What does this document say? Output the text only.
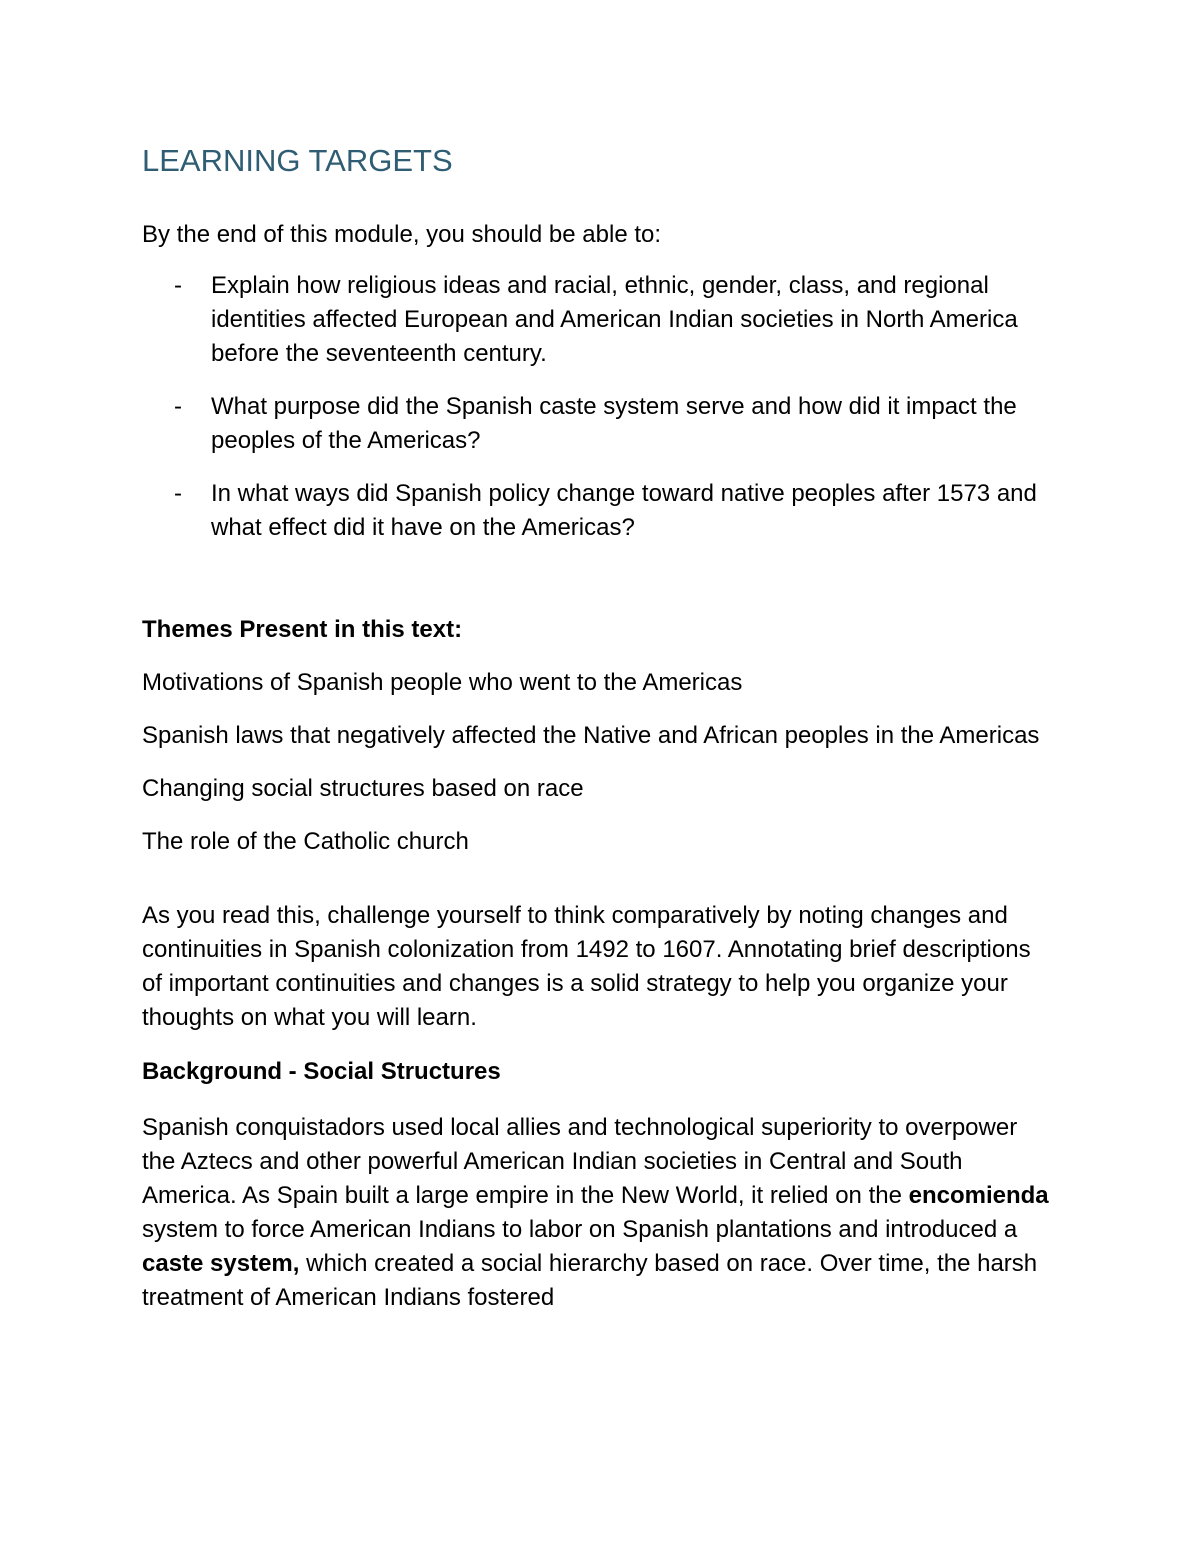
LEARNING TARGETS

By the end of this module, you should be able to:

- Explain how religious ideas and racial, ethnic, gender, class, and regional identities affected European and American Indian societies in North America before the seventeenth century.
- What purpose did the Spanish caste system serve and how did it impact the peoples of the Americas?
- In what ways did Spanish policy change toward native peoples after 1573 and what effect did it have on the Americas?

Themes Present in this text:

Motivations of Spanish people who went to the Americas
Spanish laws that negatively affected the Native and African peoples in the Americas
Changing social structures based on race
The role of the Catholic church

As you read this, challenge yourself to think comparatively by noting changes and continuities in Spanish colonization from 1492 to 1607. Annotating brief descriptions of important continuities and changes is a solid strategy to help you organize your thoughts on what you will learn.

Background - Social Structures

Spanish conquistadors used local allies and technological superiority to overpower the Aztecs and other powerful American Indian societies in Central and South America. As Spain built a large empire in the New World, it relied on the encomienda system to force American Indians to labor on Spanish plantations and introduced a caste system, which created a social hierarchy based on race. Over time, the harsh treatment of American Indians fostered
